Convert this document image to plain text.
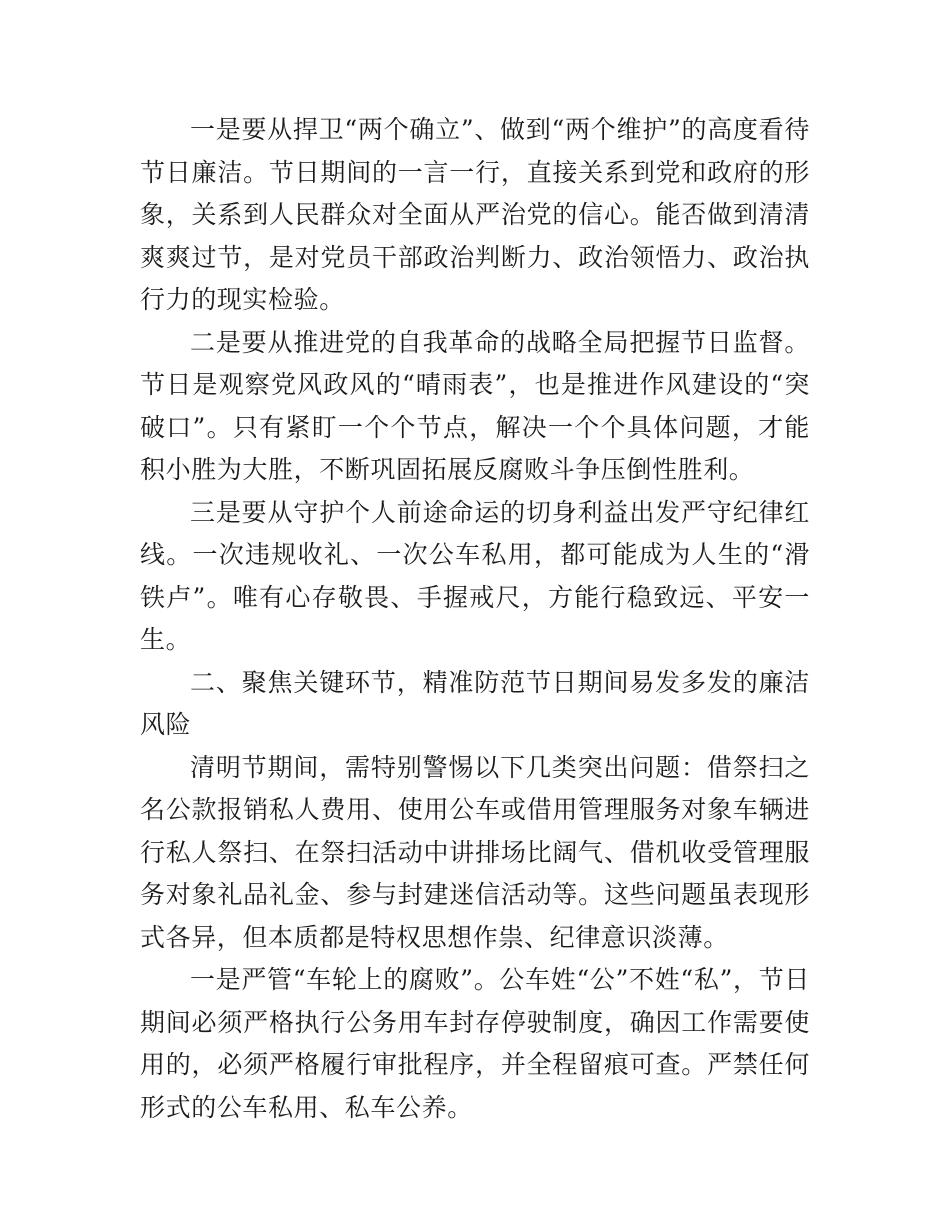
一是要从捍卫“两个确立”、做到“两个维护”的高度看待节日廉洁。节日期间的一言一行，直接关系到党和政府的形象，关系到人民群众对全面从严治党的信心。能否做到清清爽爽过节，是对党员干部政治判断力、政治领悟力、政治执行力的现实检验。

二是要从推进党的自我革命的战略全局把握节日监督。节日是观察党风政风的“晴雨表”，也是推进作风建设的“突破口”。只有紧盯一个个节点，解决一个个具体问题，才能积小胜为大胜，不断巩固拓展反腐败斗争压倒性胜利。

三是要从守护个人前途命运的切身利益出发严守纪律红线。一次违规收礼、一次公车私用，都可能成为人生的“滑铁卢”。唯有心存敬畏、手握戒尺，方能行稳致远、平安一生。

二、聚焦关键环节，精准防范节日期间易发多发的廉洁风险

清明节期间，需特别警惕以下几类突出问题：借祭扫之名公款报销私人费用、使用公车或借用管理服务对象车辆进行私人祭扫、在祭扫活动中讲排场比阔气、借机收受管理服务对象礼品礼金、参与封建迷信活动等。这些问题虽表现形式各异，但本质都是特权思想作祟、纪律意识淡薄。

一是严管“车轮上的腐败”。公车姓“公”不姓“私”，节日期间必须严格执行公务用车封存停驶制度，确因工作需要使用的，必须严格履行审批程序，并全程留痕可查。严禁任何形式的公车私用、私车公养。
